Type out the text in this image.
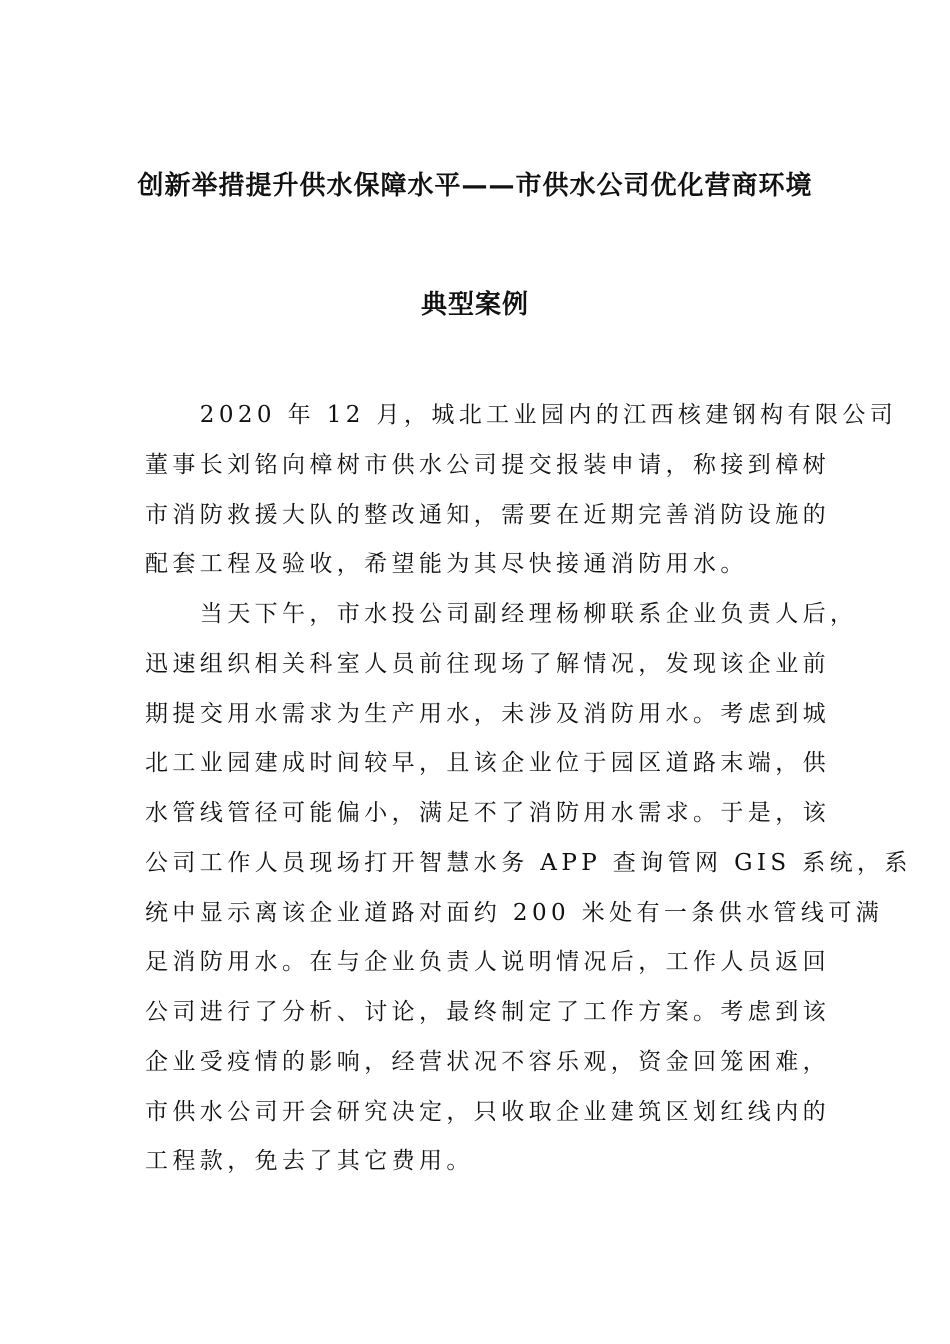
创新举措提升供水保障水平——市供水公司优化营商环境
典型案例
　　2020 年 12 月，城北工业园内的江西核建钢构有限公司
董事长刘铭向樟树市供水公司提交报装申请，称接到樟树
市消防救援大队的整改通知，需要在近期完善消防设施的
配套工程及验收，希望能为其尽快接通消防用水。
　　当天下午，市水投公司副经理杨柳联系企业负责人后，
迅速组织相关科室人员前往现场了解情况，发现该企业前
期提交用水需求为生产用水，未涉及消防用水。考虑到城
北工业园建成时间较早，且该企业位于园区道路末端，供
水管线管径可能偏小，满足不了消防用水需求。于是，该
公司工作人员现场打开智慧水务 APP 查询管网 GIS 系统，系
统中显示离该企业道路对面约 200 米处有一条供水管线可满
足消防用水。在与企业负责人说明情况后，工作人员返回
公司进行了分析、讨论，最终制定了工作方案。考虑到该
企业受疫情的影响，经营状况不容乐观，资金回笼困难，
市供水公司开会研究决定，只收取企业建筑区划红线内的
工程款，免去了其它费用。
